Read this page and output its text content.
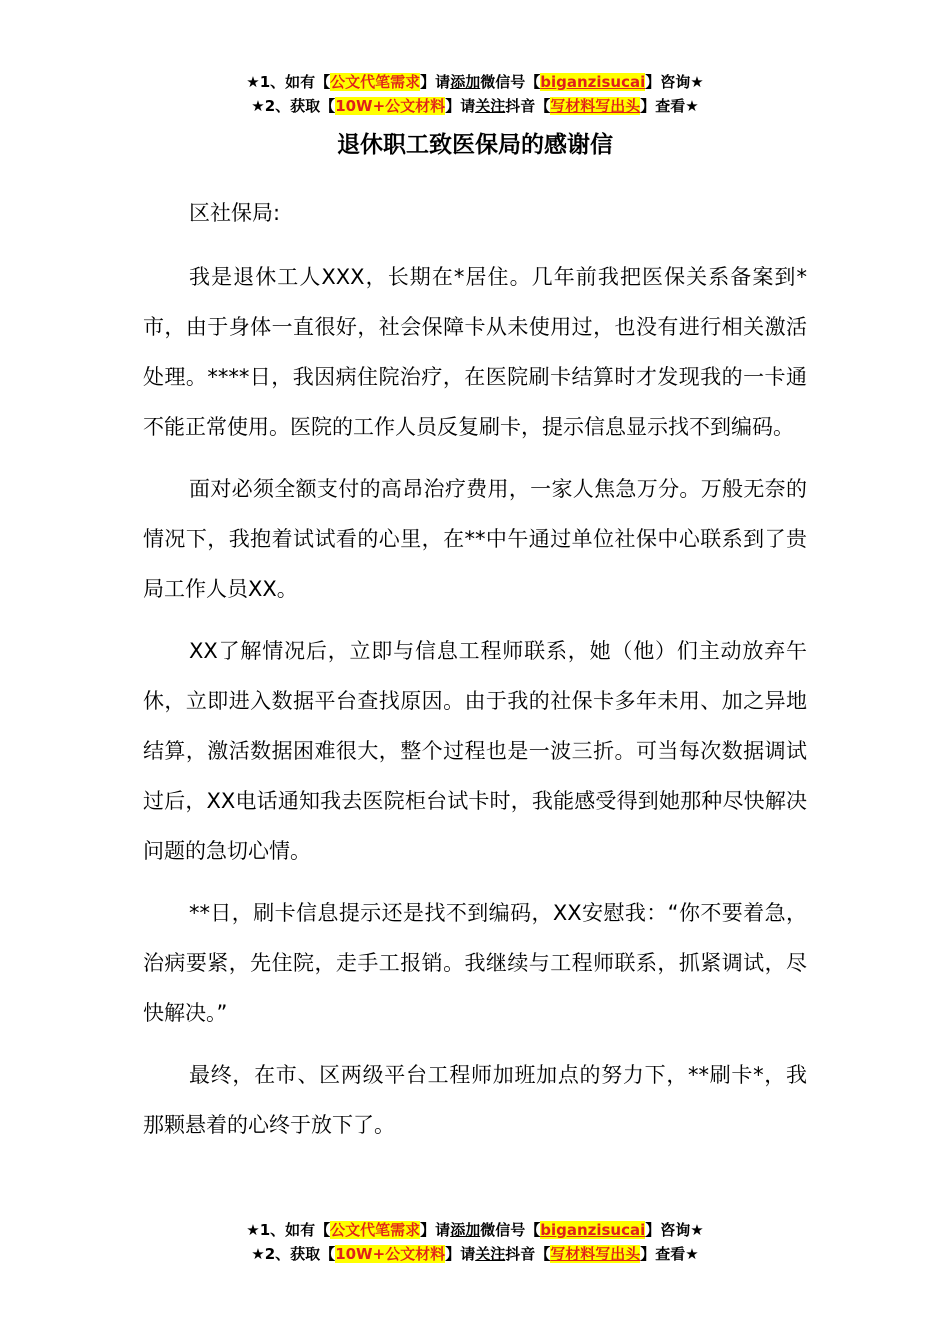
★1、如有【公文代笔需求】请添加微信号【biganzisucai】咨询★
★2、获取【10W+公文材料】请关注抖音【写材料写出头】查看★
退休职工致医保局的感谢信

区社保局:

我是退休工人XXX，长期在*居住。几年前我把医保关系备案到*市，由于身体一直很好，社会保障卡从未使用过，也没有进行相关激活处理。****日，我因病住院治疗，在医院刷卡结算时才发现我的一卡通不能正常使用。医院的工作人员反复刷卡，提示信息显示找不到编码。

面对必须全额支付的高昂治疗费用，一家人焦急万分。万般无奈的情况下，我抱着试试看的心里，在**中午通过单位社保中心联系到了贵局工作人员XX。

XX了解情况后，立即与信息工程师联系，她（他）们主动放弃午休，立即进入数据平台查找原因。由于我的社保卡多年未用、加之异地结算，激活数据困难很大，整个过程也是一波三折。可当每次数据调试过后，XX电话通知我去医院柜台试卡时，我能感受得到她那种尽快解决问题的急切心情。

**日，刷卡信息提示还是找不到编码，XX安慰我：“你不要着急，治病要紧，先住院，走手工报销。我继续与工程师联系，抓紧调试，尽快解决。”

最终，在市、区两级平台工程师加班加点的努力下，**刷卡*，我那颗悬着的心终于放下了。

★1、如有【公文代笔需求】请添加微信号【biganzisucai】咨询★
★2、获取【10W+公文材料】请关注抖音【写材料写出头】查看★
